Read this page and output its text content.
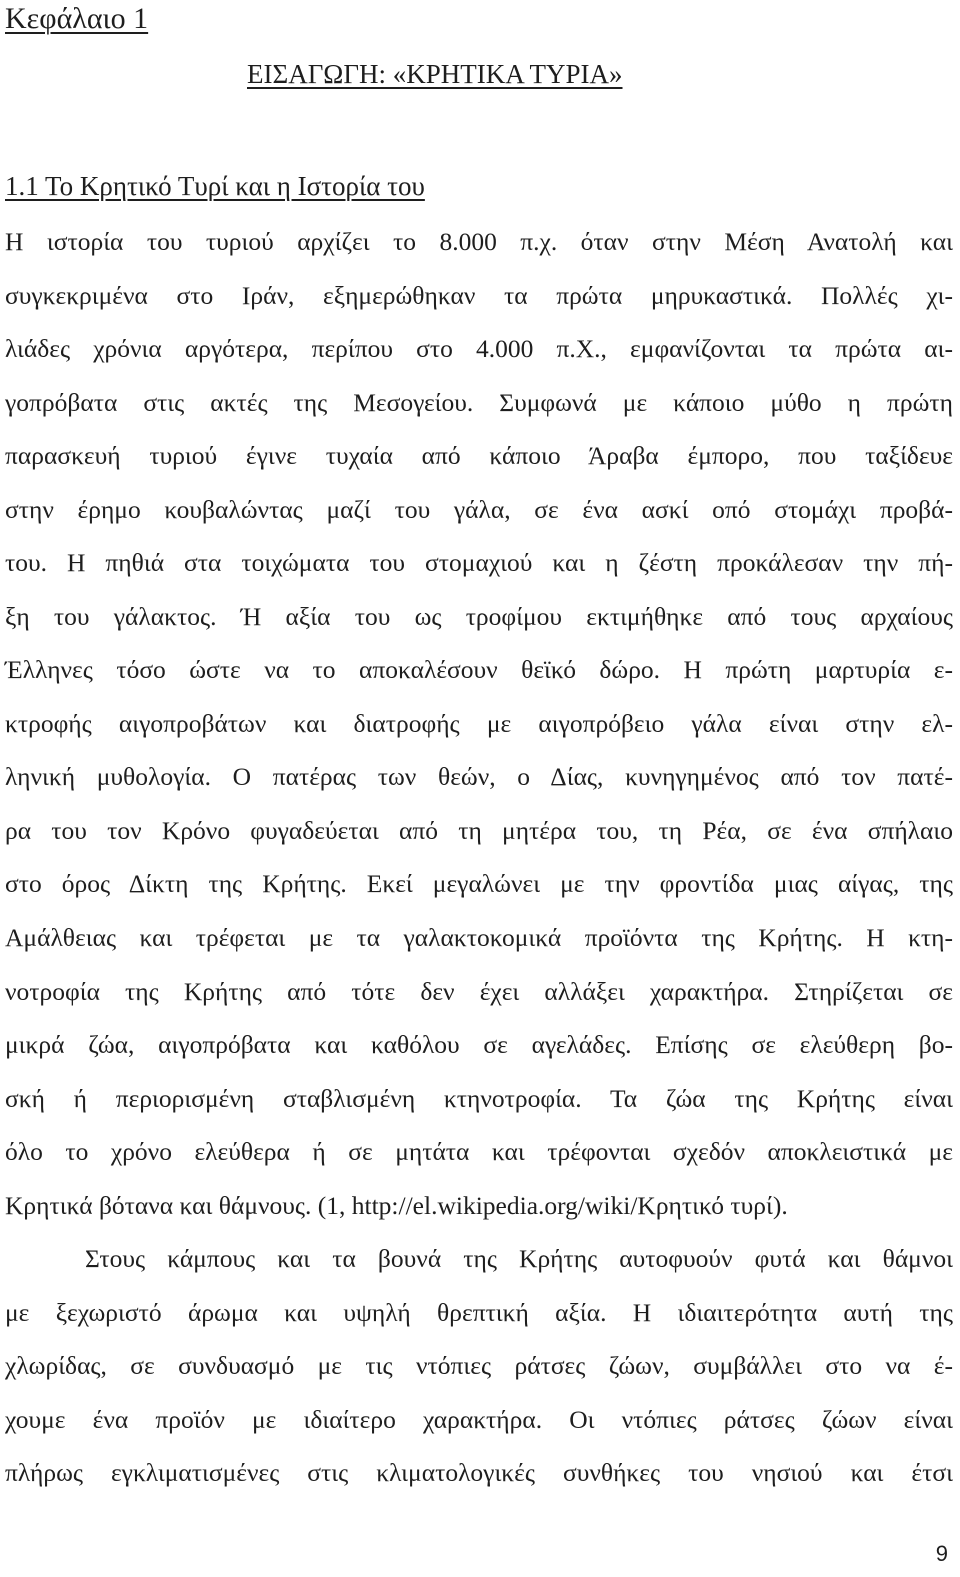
Κεφάλαιο 1
ΕΙΣΑΓΩΓΗ: «ΚΡΗΤΙΚΑ ΤΥΡΙΑ»
1.1 Το Κρητικό Τυρί και η Ιστορία του
Η ιστορία του τυριού αρχίζει το 8.000 π.χ. όταν στην Μέση Ανατολή και
συγκεκριμένα στο Ιράν, εξημερώθηκαν τα πρώτα μηρυκαστικά. Πολλές χι-
λιάδες χρόνια αργότερα, περίπου στο 4.000 π.Χ., εμφανίζονται τα πρώτα αι-
γοπρόβατα στις ακτές της Μεσογείου. Συμφωνά με κάποιο μύθο η πρώτη
παρασκευή τυριού έγινε τυχαία από κάποιο Άραβα έμπορο, που ταξίδευε
στην έρημο κουβαλώντας μαζί του γάλα, σε ένα ασκί οπό στομάχι προβά-
του. Η πηθιά στα τοιχώματα του στομαχιού και η ζέστη προκάλεσαν την πή-
ξη του γάλακτος. Ή αξία του ως τροφίμου εκτιμήθηκε από τους αρχαίους
Έλληνες τόσο ώστε να το αποκαλέσουν θεϊκό δώρο. Η πρώτη μαρτυρία ε-
κτροφής αιγοπροβάτων και διατροφής με αιγοπρόβειο γάλα είναι στην ελ-
ληνική μυθολογία. Ο πατέρας των θεών, ο Δίας, κυνηγημένος από τον πατέ-
ρα του τον Κρόνο φυγαδεύεται από τη μητέρα του, τη Ρέα, σε ένα σπήλαιο
στο όρος Δίκτη της Κρήτης. Εκεί μεγαλώνει με την φροντίδα μιας αίγας, της
Αμάλθειας και τρέφεται με τα γαλακτοκομικά προϊόντα της Κρήτης. Η κτη-
νοτροφία της Κρήτης από τότε δεν έχει αλλάξει χαρακτήρα. Στηρίζεται σε
μικρά ζώα, αιγοπρόβατα και καθόλου σε αγελάδες. Επίσης σε ελεύθερη βο-
σκή ή περιορισμένη σταβλισμένη κτηνοτροφία. Τα ζώα της Κρήτης είναι
όλο το χρόνο ελεύθερα ή σε μητάτα και τρέφονται σχεδόν αποκλειστικά με
Κρητικά βότανα και θάμνους. (1, http://el.wikipedia.org/wiki/Κρητικό τυρί).
Στους κάμπους και τα βουνά της Κρήτης αυτοφυούν φυτά και θάμνοι
με ξεχωριστό άρωμα και υψηλή θρεπτική αξία. Η ιδιαιτερότητα αυτή της
χλωρίδας, σε συνδυασμό με τις ντόπιες ράτσες ζώων, συμβάλλει στο να έ-
χουμε ένα προϊόν με ιδιαίτερο χαρακτήρα. Οι ντόπιες ράτσες ζώων είναι
πλήρως εγκλιματισμένες στις κλιματολογικές συνθήκες του νησιού και έτσι

9
